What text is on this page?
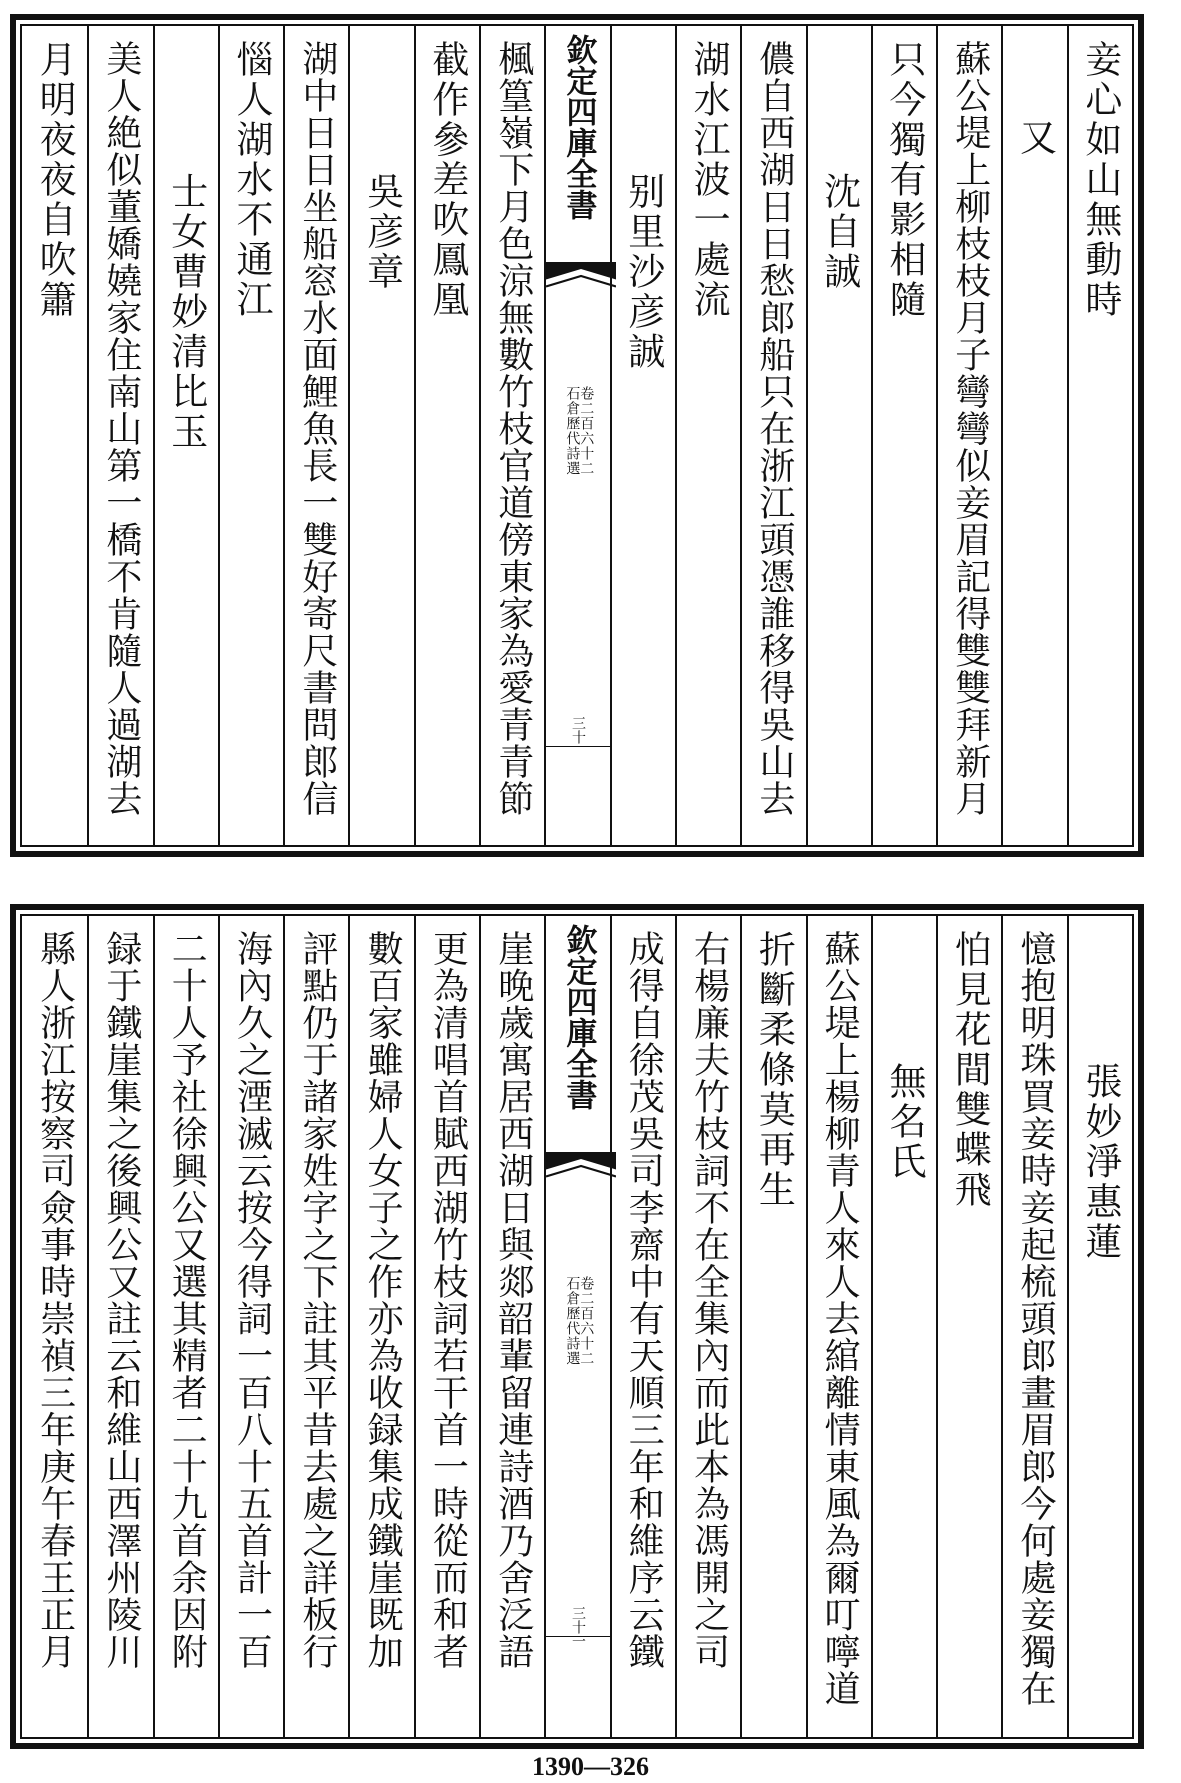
妾心如山無動時
又
蘇公堤上柳枝枝月子彎彎似妾眉記得雙雙拜新月
只今獨有影相隨
沈自誠
儂自西湖日日愁郎船只在浙江頭憑誰移得吳山去
湖水江波一處流
别里沙彦誠
欽定四庫全書
石倉歷代詩選
卷二百六十二
三十
楓篁嶺下月色涼無數竹枝官道傍東家為愛青青節
截作參差吹鳳凰
吳彦章
湖中日日坐船窓水面鯉魚長一雙好寄尺書問郎信
惱人湖水不通江
士女曹妙清比玉
美人絶似董嬌嬈家住南山第一橋不肯隨人過湖去
月明夜夜自吹簫
張妙淨惠蓮
憶抱明珠買妾時妾起梳頭郎畫眉郎今何處妾獨在
怕見花間雙蝶飛
無名氏
蘇公堤上楊柳青人來人去綰離情東風為爾叮嚀道
折斷柔條莫再生
右楊廉夫竹枝詞不在全集內而此本為馮開之司
成得自徐茂吳司李齋中有天順三年和維序云鐵
欽定四庫全書
石倉歷代詩選
卷二百六十二
三十一
崖晚歲寓居西湖日與郯韶輩留連詩酒乃舍泛語
更為清唱首賦西湖竹枝詞若干首一時從而和者
數百家雖婦人女子之作亦為收録集成鐵崖既加
評點仍于諸家姓字之下註其平昔去處之詳板行
海內久之湮滅云按今得詞一百八十五首計一百
二十人予社徐興公又選其精者二十九首余因附
録于鐵崖集之後興公又註云和維山西澤州陵川
縣人浙江按察司僉事時崇禎三年庚午春王正月
1390—326
